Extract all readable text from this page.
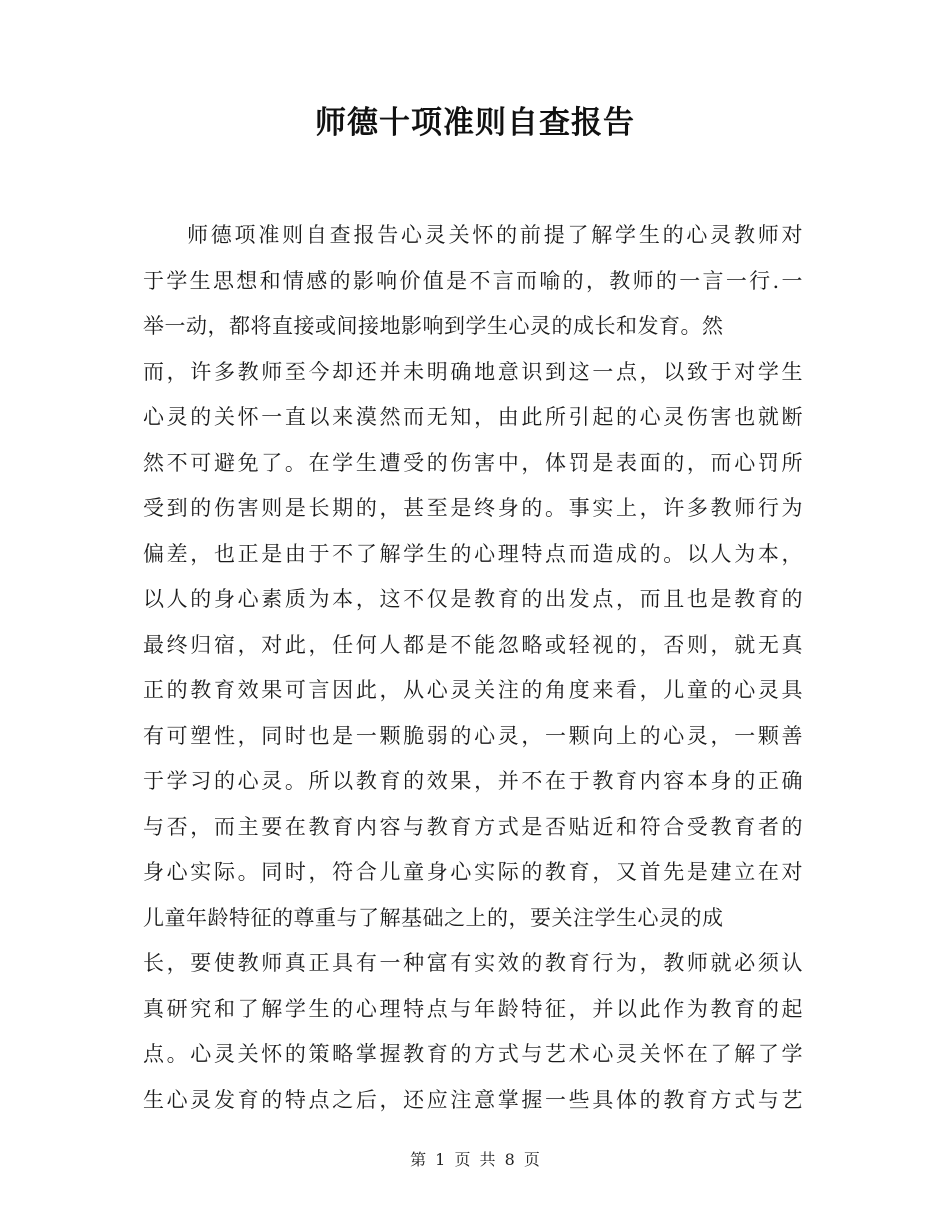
师德十项准则自查报告
师德项准则自查报告心灵关怀的前提了解学生的心灵教师对
于学生思想和情感的影响价值是不言而喻的，教师的一言一行.一
举一动，都将直接或间接地影响到学生心灵的成长和发育。然
而，许多教师至今却还并未明确地意识到这一点，以致于对学生
心灵的关怀一直以来漠然而无知，由此所引起的心灵伤害也就断
然不可避免了。在学生遭受的伤害中，体罚是表面的，而心罚所
受到的伤害则是长期的，甚至是终身的。事实上，许多教师行为
偏差，也正是由于不了解学生的心理特点而造成的。以人为本，
以人的身心素质为本，这不仅是教育的出发点，而且也是教育的
最终归宿，对此，任何人都是不能忽略或轻视的，否则，就无真
正的教育效果可言因此，从心灵关注的角度来看，儿童的心灵具
有可塑性，同时也是一颗脆弱的心灵，一颗向上的心灵，一颗善
于学习的心灵。所以教育的效果，并不在于教育内容本身的正确
与否，而主要在教育内容与教育方式是否贴近和符合受教育者的
身心实际。同时，符合儿童身心实际的教育，又首先是建立在对
儿童年龄特征的尊重与了解基础之上的，要关注学生心灵的成
长，要使教师真正具有一种富有实效的教育行为，教师就必须认
真研究和了解学生的心理特点与年龄特征，并以此作为教育的起
点。心灵关怀的策略掌握教育的方式与艺术心灵关怀在了解了学
生心灵发育的特点之后，还应注意掌握一些具体的教育方式与艺
第 1 页 共 8 页
